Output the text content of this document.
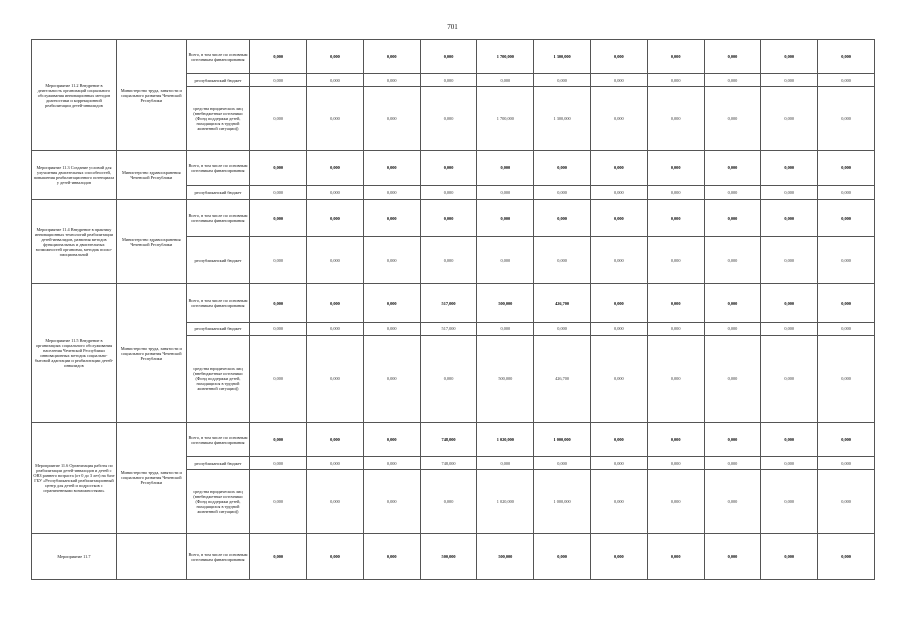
701
Мероприятие 11.2 Внедрение в деятельность организаций социального обслуживания инновационных методов диагностики и коррекционной реабилитации детей-инвалидов	Министерство труда, занятости и социального развития Чеченской Республики	Всего, в том числе по основным источникам финансирования	0,000	0,000	0,000	0,000	1 700,000	1 300,000	0,000	0,000	0,000	0,000	0,000
		республиканский бюджет	0,000	0,000	0,000	0,000	0,000	0,000	0,000	0,000	0,000	0,000	0,000
		средства юридических лиц (внебюджетные источники (Фонд поддержки детей, находящихся в трудной жизненной ситуации))	0,000	0,000	0,000	0,000	1 700,000	1 300,000	0,000	0,000	0,000	0,000	0,000
Мероприятие 11.3 Создание условий для улучшения двигательных способностей, повышения реабилитационного потенциала у детей-инвалидов	Министерство здравоохранения Чеченской Республики	Всего, в том числе по основным источникам финансирования	0,000	0,000	0,000	0,000	0,000	0,000	0,000	0,000	0,000	0,000	0,000
		республиканский бюджет	0,000	0,000	0,000	0,000	0,000	0,000	0,000	0,000	0,000	0,000	0,000
Мероприятие 11.4 Внедрение в практику инновационных технологий реабилитации детей-инвалидов, развития методов функциональных и двигательных возможностей организма, методик психо-эмоциональной	Министерство здравоохранения Чеченской Республики	Всего, в том числе по основным источникам финансирования	0,000	0,000	0,000	0,000	0,000	0,000	0,000	0,000	0,000	0,000	0,000
		республиканский бюджет	0,000	0,000	0,000	0,000	0,000	0,000	0,000	0,000	0,000	0,000	0,000
Мероприятие 11.5 Внедрение в организациях социального обслуживания населения Чеченской Республики инновационных методик социально-бытовой адаптации и реабилитации детей-инвалидов	Министерство труда, занятости и социального развития Чеченской Республики	Всего, в том числе по основным источникам финансирования	0,000	0,000	0,000	517,000	500,000	426,700	0,000	0,000	0,000	0,000	0,000
		республиканский бюджет	0,000	0,000	0,000	517,000	0,000	0,000	0,000	0,000	0,000	0,000	0,000
		средства юридических лиц (внебюджетные источники (Фонд поддержки детей, находящихся в трудной жизненной ситуации))	0,000	0,000	0,000	0,000	500,000	426,700	0,000	0,000	0,000	0,000	0,000
Мероприятие 11.6 Организация работы по реабилитации детей-инвалидов и детей с ОВЗ раннего возраста (от 0 до 3 лет) на базе ГБУ «Республиканский реабилитационный центр для детей и подростков с ограниченными возможностями»	Министерство труда, занятости и социального развития Чеченской Республики	Всего, в том числе по основным источникам финансирования	0,000	0,000	0,000	748,000	1 020,000	1 000,000	0,000	0,000	0,000	0,000	0,000
		республиканский бюджет	0,000	0,000	0,000	748,000	0,000	0,000	0,000	0,000	0,000	0,000	0,000
		средства юридических лиц (внебюджетные источники (Фонд поддержки детей, находящихся в трудной жизненной ситуации))	0,000	0,000	0,000	0,000	1 020,000	1 000,000	0,000	0,000	0,000	0,000	0,000
Мероприятие 11.7		Всего, в том числе по основным источникам финансирования	0,000	0,000	0,000	500,000	500,000	0,000	0,000	0,000	0,000	0,000	0,000
